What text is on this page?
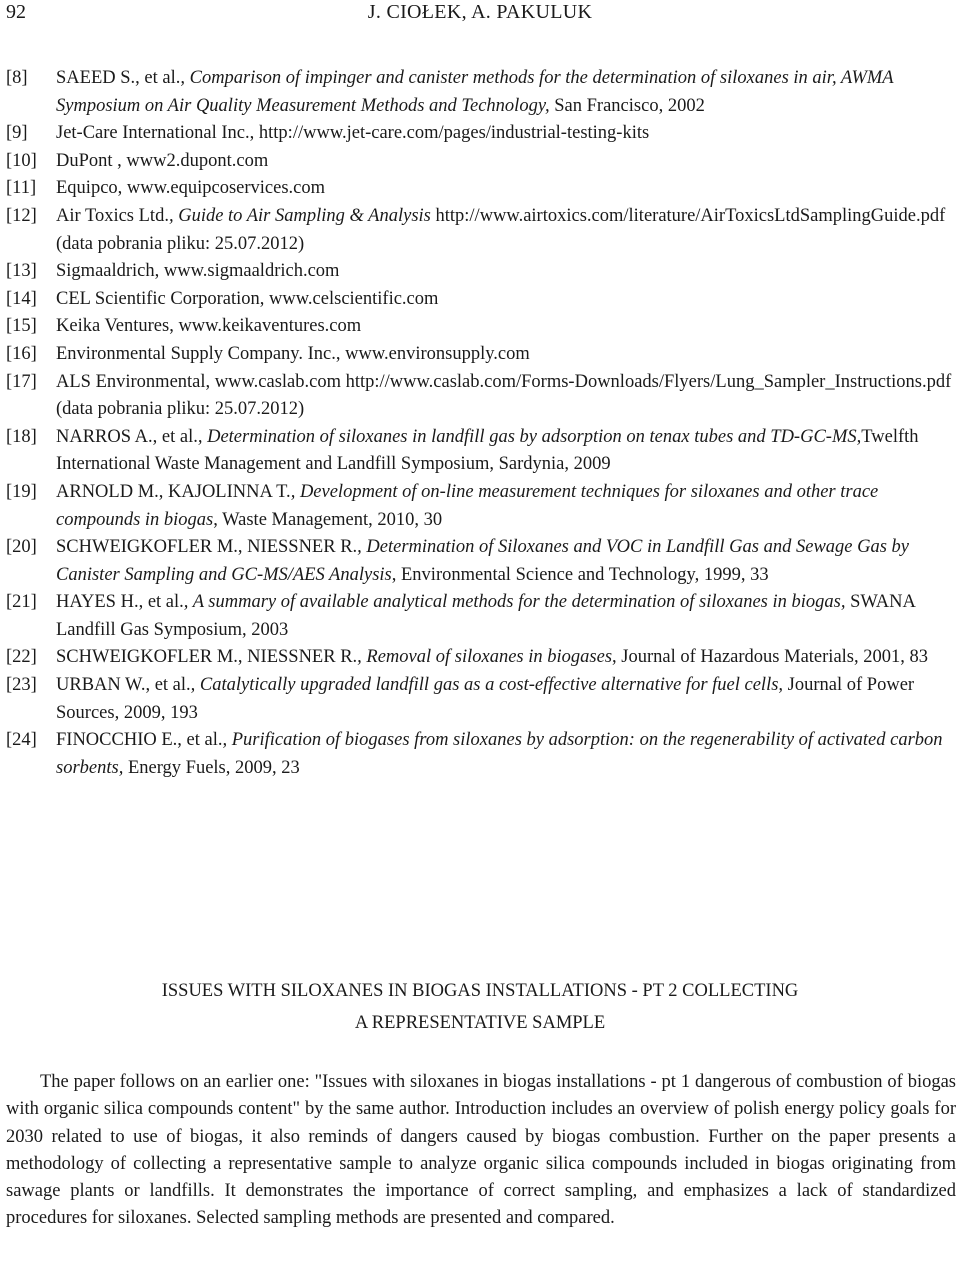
92	J. CIOŁEK, A. PAKULUK
[8]	SAEED S., et al., Comparison of impinger and canister methods for the determination of siloxanes in air, AWMA Symposium on Air Quality Measurement Methods and Technology, San Francisco, 2002
[9]	Jet-Care International Inc., http://www.jet-care.com/pages/industrial-testing-kits
[10]	DuPont , www2.dupont.com
[11]	Equipco, www.equipcoservices.com
[12]	Air Toxics Ltd., Guide to Air Sampling & Analysis http://www.airtoxics.com/literature/AirToxicsLtdSamplingGuide.pdf (data pobrania pliku: 25.07.2012)
[13]	Sigmaaldrich, www.sigmaaldrich.com
[14]	CEL Scientific Corporation, www.celscientific.com
[15]	Keika Ventures, www.keikaventures.com
[16]	Environmental Supply Company. Inc., www.environsupply.com
[17]	ALS Environmental, www.caslab.com http://www.caslab.com/Forms-Downloads/Flyers/Lung_Sampler_Instructions.pdf (data pobrania pliku: 25.07.2012)
[18]	NARROS A., et al., Determination of siloxanes in landfill gas by adsorption on tenax tubes and TD-GC-MS,Twelfth International Waste Management and Landfill Symposium, Sardynia, 2009
[19]	ARNOLD M., KAJOLINNA T., Development of on-line measurement techniques for siloxanes and other trace compounds in biogas, Waste Management, 2010, 30
[20]	SCHWEIGKOFLER M., NIESSNER R., Determination of Siloxanes and VOC in Landfill Gas and Sewage Gas by Canister Sampling and GC-MS/AES Analysis, Environmental Science and Technology, 1999, 33
[21]	HAYES H., et al., A summary of available analytical methods for the determination of siloxanes in biogas, SWANA Landfill Gas Symposium, 2003
[22]	SCHWEIGKOFLER M., NIESSNER R., Removal of siloxanes in biogases, Journal of Hazardous Materials, 2001, 83
[23]	URBAN W., et al., Catalytically upgraded landfill gas as a cost-effective alternative for fuel cells, Journal of Power Sources, 2009, 193
[24]	FINOCCHIO E., et al., Purification of biogases from siloxanes by adsorption: on the regenerability of activated carbon sorbents, Energy Fuels, 2009, 23
ISSUES WITH SILOXANES IN BIOGAS INSTALLATIONS - PT 2 COLLECTING
A REPRESENTATIVE SAMPLE
The paper follows on an earlier one: "Issues with siloxanes in biogas installations - pt 1 dangerous of combustion of biogas with organic silica compounds content" by the same author. Introduction includes an overview of polish energy policy goals for 2030 related to use of biogas, it also reminds of dangers caused by biogas combustion. Further on the paper presents a methodology of collecting a representative sample to analyze organic silica compounds included in biogas originating from sawage plants or landfills. It demonstrates the importance of correct sampling, and emphasizes a lack of standardized procedures for siloxanes. Selected sampling methods are presented and compared.
